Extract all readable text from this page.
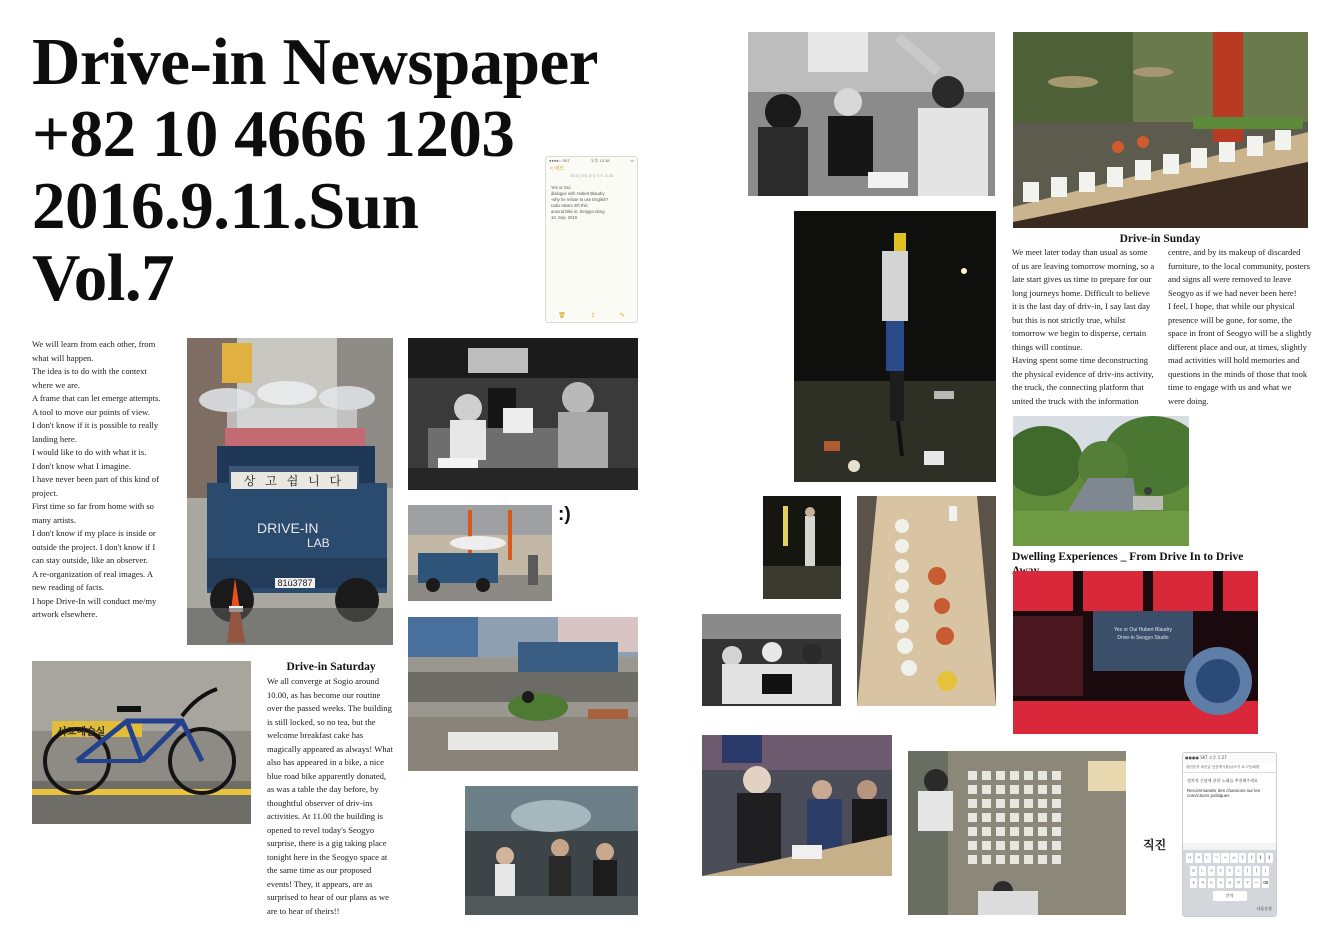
Drive-in Newspaper
+82 10 4666 1203
2016.9.11.Sun
Vol.7
●●●●○ SKT	오후 10:38	▭
< 메모
2016년 9월 10일 오후 10:38
Yes or Oui
dialogue with Hubert Blaudry
-why he refuse to use English?
radio steam 4th this
around bike in, Seogyo-dong
10, Sep. 2016
🗑	⇪	✎

We will learn from each other, from

what will happen.

The idea is to do with the context

where we are.

A frame that can let emerge attempts.

A tool to move our points of view.

I don't know if it is possible to really

landing here.

I would like to do with what it is.

I don't know what I imagine.

I have never been part of this kind of

project.

First time so far from home with so

many artists.

I don't know if my place is inside or

outside the project. I don't know if I

can stay outside, like an observer.

A re-organization of real images. A

new reading of facts.

I hope Drive-In will conduct me/my

artwork elsewhere.

상 고 쉼 니 다
DRIVE-IN
LAB
81ü3787
:)
서교예술실
Drive-in Saturday

We all converge at Sogio around

10.00, as has become our routine

over the passed weeks. The building

is still locked, so no tea, but the

welcome breakfast cake has

magically appeared as always! What

also has appeared in a bike, a nice

blue road bike apparently donated,

as was a table the day before, by

thoughtful observer of driv-ins

activities. At 11.00 the building is

opened to revel today's Seogyo

surprise, there is a gig taking place

tonight here in the Seogyo space at

the same time as our proposed

events! They, it appears, are as

surprised to hear of our plans as we

are to hear of theirs!!

Drive-in Sunday

We meet later today than usual as some

of us are leaving tomorrow morning, so a

late start gives us time to prepare for our

long journeys home. Difficult to believe

it is the last day of driv-in, I say last day

but this is not strictly true, whilst

tomorrow we begin to disperse, certain

things will continue.

Having spent some time deconstructing

the physical evidence of driv-ins activity,

the truck, the connecting platform that

united the truck with the information

centre, and by its makeup of discarded

furniture, to the local community, posters

and signs all were removed to leave

Seogyo as if we had never been here!

I feel, I hope, that while our physical

presence will be gone, for some, the

space in front of Seogyo will be a slightly

different place and our, at times, slightly

mad activities will hold memories and

questions in the minds of those that took

time to engage with us and what we

were doing.

Dwelling Experiences _ From Drive In to Drive
Yes or Oui Hubert Blaudry
Drive-in Seogyo Studio
직진
●●●● SKT 오후 1:27
관련문서 최신글 인증게시판/글쓰기 로그인/회원
정치적 신념에 관한 노래를 추천해주세요
Recommander des chansons sur les convictions politiques
ㅂ	ㅈ	ㄷ	ㄱ	ㅅ	ㅛ	ㅕ	ㅑ	ㅐ	ㅔ
ㅁ	ㄴ	ㅇ	ㄹ	ㅎ	ㅗ	ㅓ	ㅏ	ㅣ
⇧	ㅋ	ㅌ	ㅊ	ㅍ	ㅠ	ㅜ	ㅡ	⌫
간격
다음문장
